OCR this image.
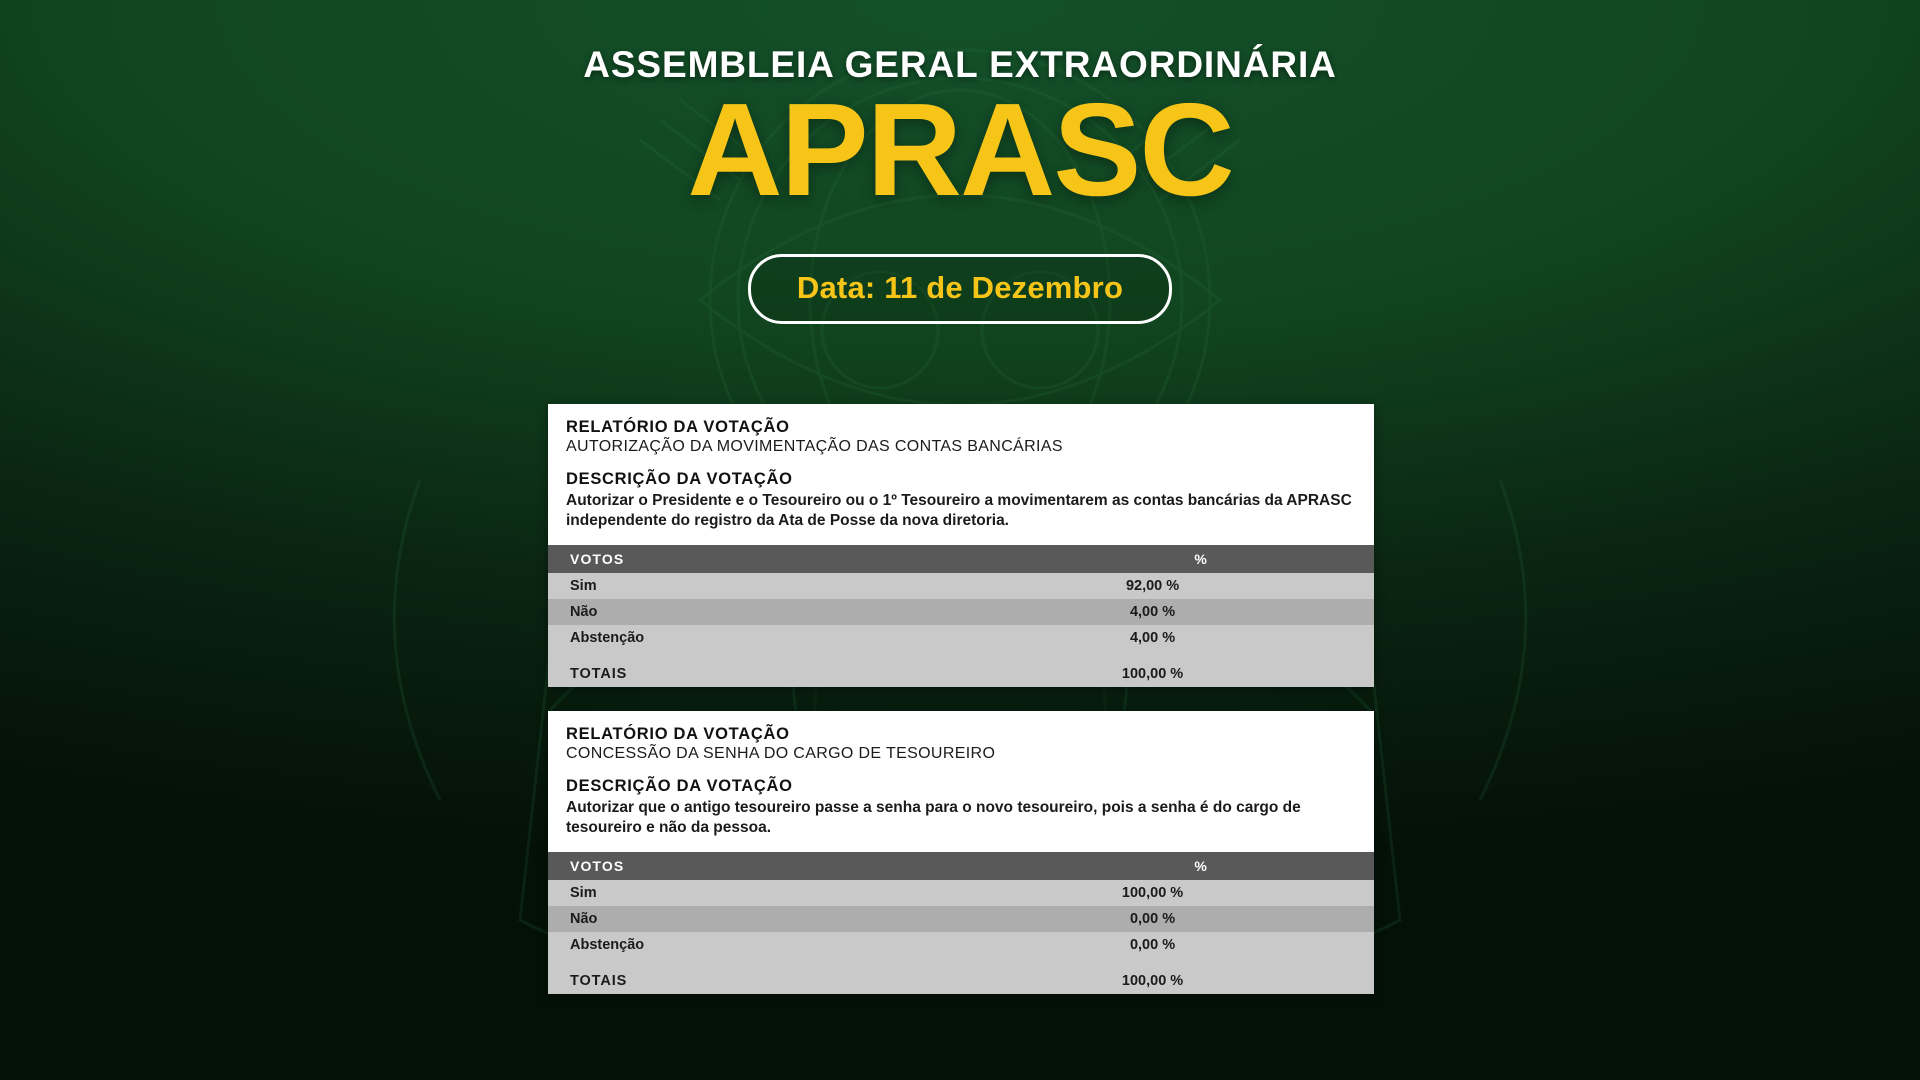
ASSEMBLEIA GERAL EXTRAORDINÁRIA
APRASC
Data: 11 de Dezembro
RELATÓRIO DA VOTAÇÃO
AUTORIZAÇÃO DA MOVIMENTAÇÃO DAS CONTAS BANCÁRIAS
DESCRIÇÃO DA VOTAÇÃO
Autorizar o Presidente e o Tesoureiro ou o 1º Tesoureiro a movimentarem as contas bancárias da APRASC independente do registro da Ata de Posse da nova diretoria.
VOTOS	%
Sim	92,00 %
Não	4,00 %
Abstenção	4,00 %

TOTAIS	100,00 %
RELATÓRIO DA VOTAÇÃO
CONCESSÃO DA SENHA DO CARGO DE TESOUREIRO
DESCRIÇÃO DA VOTAÇÃO
Autorizar que o antigo tesoureiro passe a senha para o novo tesoureiro, pois a senha é do cargo de tesoureiro e não da pessoa.
VOTOS	%
Sim	100,00 %
Não	0,00 %
Abstenção	0,00 %

TOTAIS	100,00 %
